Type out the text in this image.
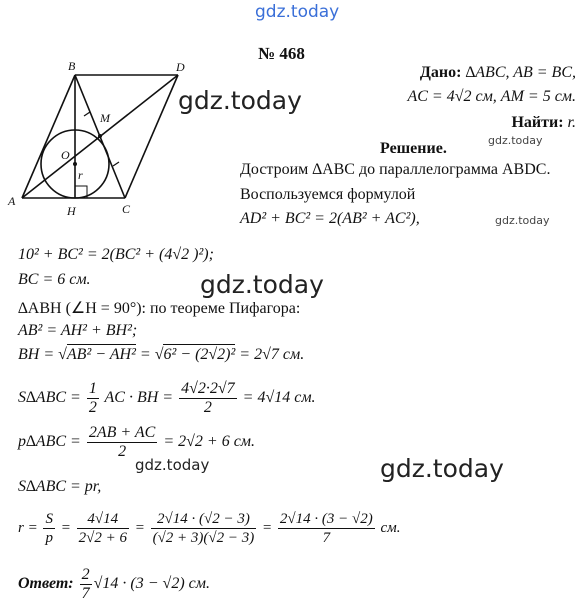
gdz.today
№ 468
Дано: ∆ABC, AB = BC,
AC = 4√2 см, AM = 5 см.
Найти: r.
gdz.today
B	D
M
O
r
A
H	C
gdz.today
Решение.
Достроим ∆ABC до параллелограмма ABDC.
Воспользуемся формулой
AD² + BC² = 2(AB² + AC²),	gdz.today
10² + BC² = 2(BC² + (4√2 )²);
BC = 6 см.	gdz.today
∆ABH (∠H = 90°): по теореме Пифагора:
AB² = AH² + BH²;
BH = √AB² − AH² = √6² − (2√2)² = 2√7 см.
$S\Delta ABC = \frac{1}{2}$ AC · BH = $\frac{4√2\cdot 2√7}{2} = 4√14$ см.
$p\Delta ABC = \frac{2AB + AC}{2} = 2√2 + 6$ см.
gdz.today	gdz.today
S∆ABC = pr,
$r = \frac{S}{p} = \frac{4√14}{2√2 + 6} = \frac{2√14 \cdot (√2 - 3)}{(√2 + 3)(√2 - 3)} = \frac{2√14 \cdot (3 - √2)}{7}$ см.
Ответ: $\frac{2}{7} √14 \cdot (3 - √2)$ см.
